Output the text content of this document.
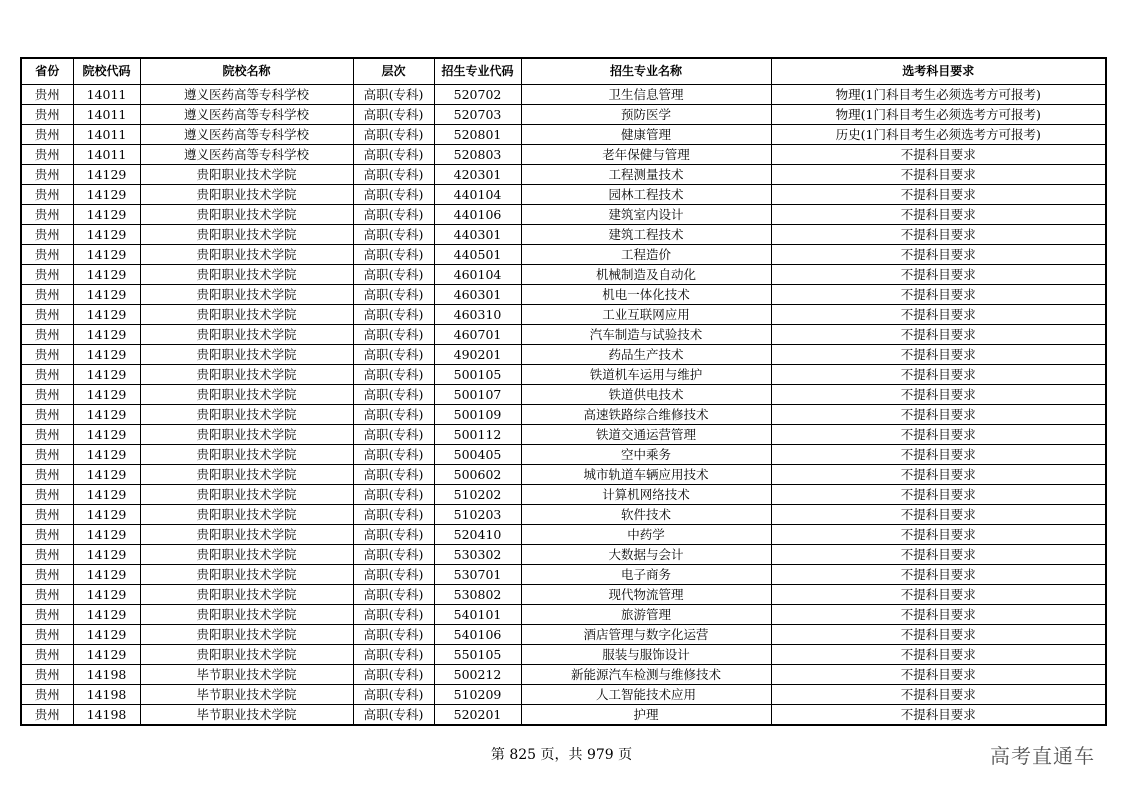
省份	院校代码	院校名称	层次	招生专业代码	招生专业名称	选考科目要求
贵州	14011	遵义医药高等专科学校	高职(专科)	520702	卫生信息管理	物理(1门科目考生必须选考方可报考)
贵州	14011	遵义医药高等专科学校	高职(专科)	520703	预防医学	物理(1门科目考生必须选考方可报考)
贵州	14011	遵义医药高等专科学校	高职(专科)	520801	健康管理	历史(1门科目考生必须选考方可报考)
贵州	14011	遵义医药高等专科学校	高职(专科)	520803	老年保健与管理	不提科目要求
贵州	14129	贵阳职业技术学院	高职(专科)	420301	工程测量技术	不提科目要求
贵州	14129	贵阳职业技术学院	高职(专科)	440104	园林工程技术	不提科目要求
贵州	14129	贵阳职业技术学院	高职(专科)	440106	建筑室内设计	不提科目要求
贵州	14129	贵阳职业技术学院	高职(专科)	440301	建筑工程技术	不提科目要求
贵州	14129	贵阳职业技术学院	高职(专科)	440501	工程造价	不提科目要求
贵州	14129	贵阳职业技术学院	高职(专科)	460104	机械制造及自动化	不提科目要求
贵州	14129	贵阳职业技术学院	高职(专科)	460301	机电一体化技术	不提科目要求
贵州	14129	贵阳职业技术学院	高职(专科)	460310	工业互联网应用	不提科目要求
贵州	14129	贵阳职业技术学院	高职(专科)	460701	汽车制造与试验技术	不提科目要求
贵州	14129	贵阳职业技术学院	高职(专科)	490201	药品生产技术	不提科目要求
贵州	14129	贵阳职业技术学院	高职(专科)	500105	铁道机车运用与维护	不提科目要求
贵州	14129	贵阳职业技术学院	高职(专科)	500107	铁道供电技术	不提科目要求
贵州	14129	贵阳职业技术学院	高职(专科)	500109	高速铁路综合维修技术	不提科目要求
贵州	14129	贵阳职业技术学院	高职(专科)	500112	铁道交通运营管理	不提科目要求
贵州	14129	贵阳职业技术学院	高职(专科)	500405	空中乘务	不提科目要求
贵州	14129	贵阳职业技术学院	高职(专科)	500602	城市轨道车辆应用技术	不提科目要求
贵州	14129	贵阳职业技术学院	高职(专科)	510202	计算机网络技术	不提科目要求
贵州	14129	贵阳职业技术学院	高职(专科)	510203	软件技术	不提科目要求
贵州	14129	贵阳职业技术学院	高职(专科)	520410	中药学	不提科目要求
贵州	14129	贵阳职业技术学院	高职(专科)	530302	大数据与会计	不提科目要求
贵州	14129	贵阳职业技术学院	高职(专科)	530701	电子商务	不提科目要求
贵州	14129	贵阳职业技术学院	高职(专科)	530802	现代物流管理	不提科目要求
贵州	14129	贵阳职业技术学院	高职(专科)	540101	旅游管理	不提科目要求
贵州	14129	贵阳职业技术学院	高职(专科)	540106	酒店管理与数字化运营	不提科目要求
贵州	14129	贵阳职业技术学院	高职(专科)	550105	服装与服饰设计	不提科目要求
贵州	14198	毕节职业技术学院	高职(专科)	500212	新能源汽车检测与维修技术	不提科目要求
贵州	14198	毕节职业技术学院	高职(专科)	510209	人工智能技术应用	不提科目要求
贵州	14198	毕节职业技术学院	高职(专科)	520201	护理	不提科目要求
第 825 页，共 979 页	高考直通车
